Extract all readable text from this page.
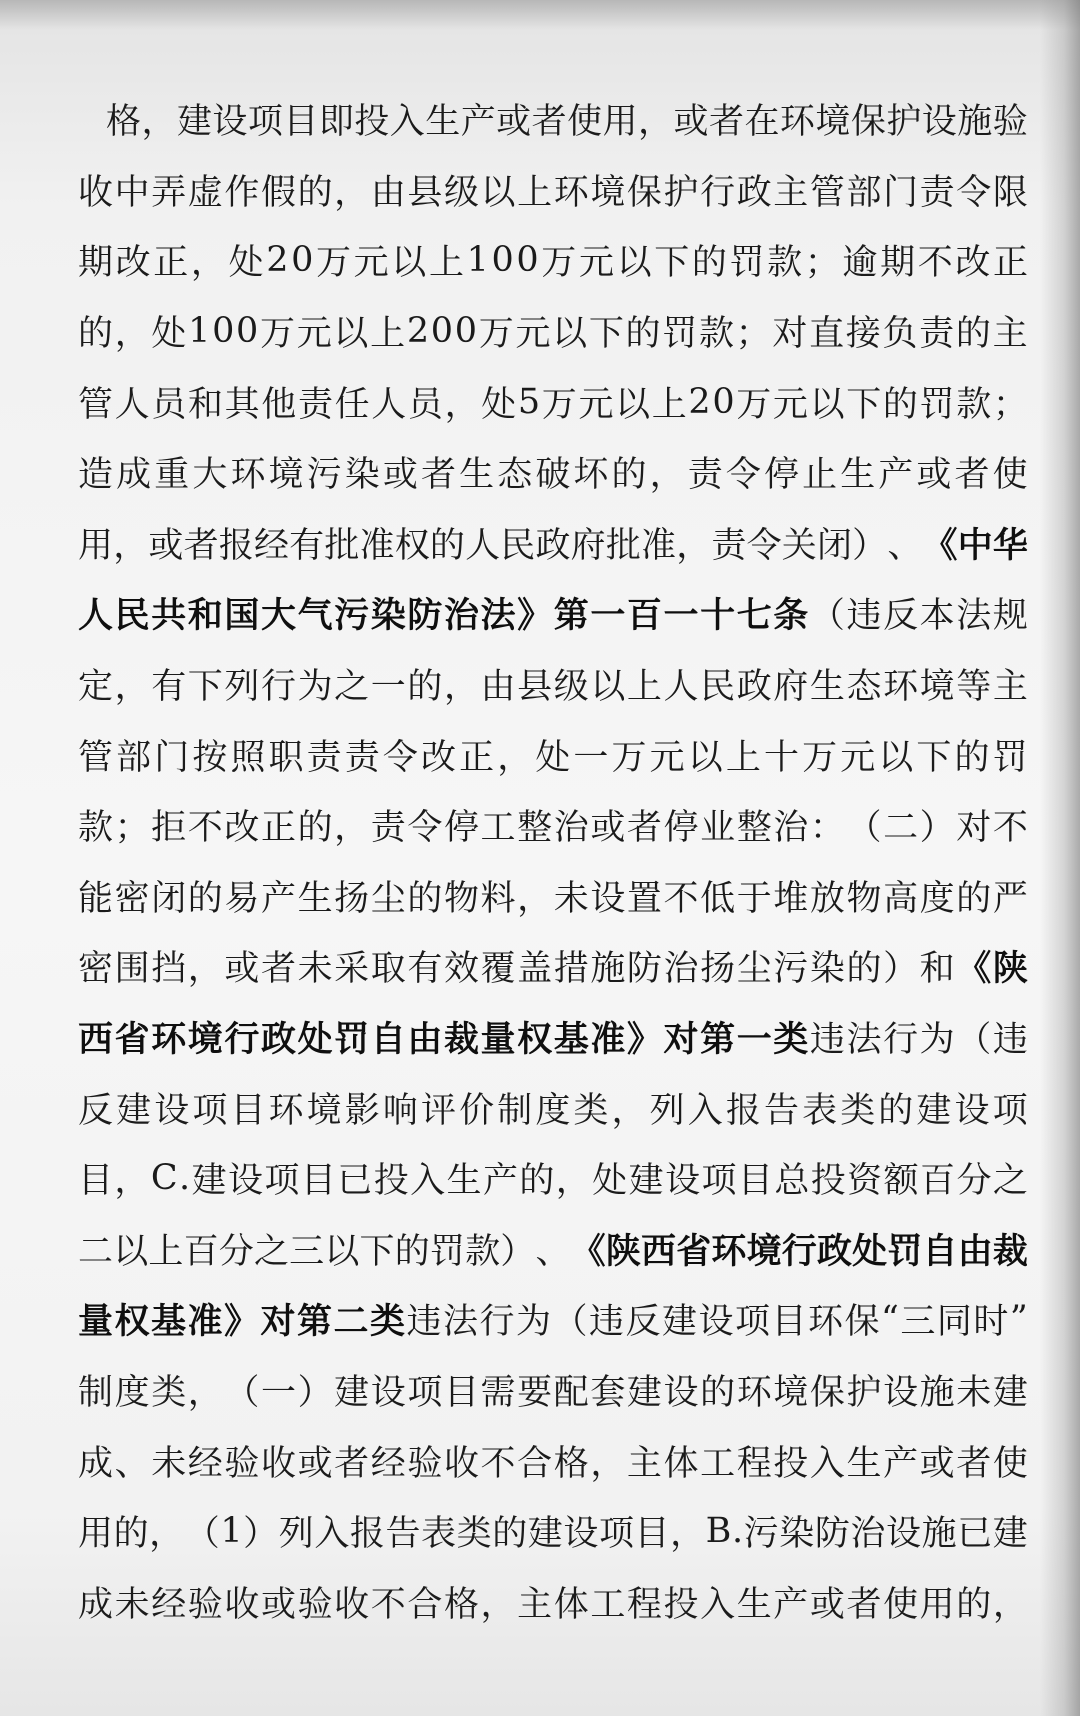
格 ， 建 设 项 目 即 投 入 生 产 或 者 使 用 ， 或 者 在 环 境 保 护 设 施 验
收 中 弄 虚 作 假 的 ， 由 县 级 以 上 环 境 保 护 行 政 主 管 部 门 责 令 限
期 改 正 ， 处 2 0 万 元 以 上 1 0 0 万 元 以 下 的 罚 款 ； 逾 期 不 改 正
的 ， 处 1 0 0 万 元 以 上 2 0 0 万 元 以 下 的 罚 款 ； 对 直 接 负 责 的 主
管 人 员 和 其 他 责 任 人 员 ， 处 5 万 元 以 上 2 0 万 元 以 下 的 罚 款 ；
造 成 重 大 环 境 污 染 或 者 生 态 破 坏 的 ， 责 令 停 止 生 产 或 者 使
用 ， 或 者 报 经 有 批 准 权 的 人 民 政 府 批 准 ， 责 令 关 闭 ） 、 《 中 华
人 民 共 和 国 大 气 污 染 防 治 法 》 第 一 百 一 十 七 条 （ 违 反 本 法 规
定 ， 有 下 列 行 为 之 一 的 ， 由 县 级 以 上 人 民 政 府 生 态 环 境 等 主
管 部 门 按 照 职 责 责 令 改 正 ， 处 一 万 元 以 上 十 万 元 以 下 的 罚
款 ； 拒 不 改 正 的 ， 责 令 停 工 整 治 或 者 停 业 整 治 ： （ 二 ） 对 不
能 密 闭 的 易 产 生 扬 尘 的 物 料 ， 未 设 置 不 低 于 堆 放 物 高 度 的 严
密 围 挡 ， 或 者 未 采 取 有 效 覆 盖 措 施 防 治 扬 尘 污 染 的 ） 和 《 陕
西 省 环 境 行 政 处 罚 自 由 裁 量 权 基 准 》 对 第 一 类 违 法 行 为 （ 违
反 建 设 项 目 环 境 影 响 评 价 制 度 类 ， 列 入 报 告 表 类 的 建 设 项
目 ， C . 建 设 项 目 已 投 入 生 产 的 ， 处 建 设 项 目 总 投 资 额 百 分 之
二 以 上 百 分 之 三 以 下 的 罚 款 ） 、 《 陕 西 省 环 境 行 政 处 罚 自 由 裁
量 权 基 准 》 对 第 二 类 违 法 行 为 （ 违 反 建 设 项 目 环 保 “ 三 同 时 ”
制 度 类 ， （ 一 ） 建 设 项 目 需 要 配 套 建 设 的 环 境 保 护 设 施 未 建
成 、 未 经 验 收 或 者 经 验 收 不 合 格 ， 主 体 工 程 投 入 生 产 或 者 使
用 的 ， （ 1 ） 列 入 报 告 表 类 的 建 设 项 目 ， B . 污 染 防 治 设 施 已 建
成 未 经 验 收 或 验 收 不 合 格 ， 主 体 工 程 投 入 生 产 或 者 使 用 的 ，
